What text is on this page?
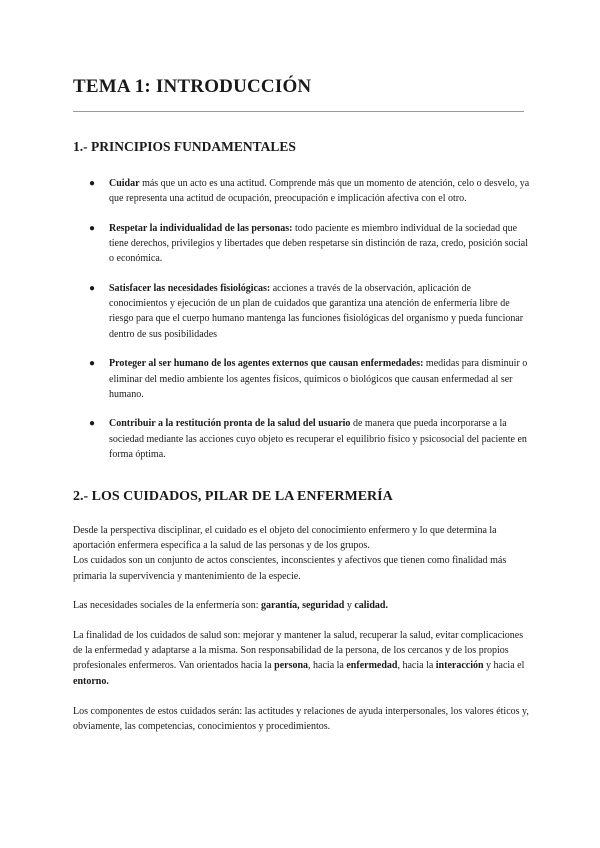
TEMA 1: INTRODUCCIÓN
1.- PRINCIPIOS FUNDAMENTALES
● Cuidar más que un acto es una actitud. Comprende más que un momento de atención, celo o desvelo, ya que representa una actitud de ocupación, preocupación e implicación afectiva con el otro.
● Respetar la individualidad de las personas: todo paciente es miembro individual de la sociedad que tiene derechos, privilegios y libertades que deben respetarse sin distinción de raza, credo, posición social o económica.
● Satisfacer las necesidades fisiológicas: acciones a través de la observación, aplicación de conocimientos y ejecución de un plan de cuidados que garantiza una atención de enfermería libre de riesgo para que el cuerpo humano mantenga las funciones fisiológicas del organismo y pueda funcionar dentro de sus posibilidades
● Proteger al ser humano de los agentes externos que causan enfermedades: medidas para disminuir o eliminar del medio ambiente los agentes físicos, químicos o biológicos que causan enfermedad al ser humano.
● Contribuir a la restitución pronta de la salud del usuario de manera que pueda incorporarse a la sociedad mediante las acciones cuyo objeto es recuperar el equilibrio físico y psicosocial del paciente en forma óptima.
2.- LOS CUIDADOS, PILAR DE LA ENFERMERÍA

Desde la perspectiva disciplinar, el cuidado es el objeto del conocimiento enfermero y lo que determina la aportación enfermera específica a la salud de las personas y de los grupos.
Los cuidados son un conjunto de actos conscientes, inconscientes y afectivos que tienen como finalidad más primaria la supervivencia y mantenimiento de la especie.

Las necesidades sociales de la enfermería son: garantía, seguridad y calidad.

La finalidad de los cuidados de salud son: mejorar y mantener la salud, recuperar la salud, evitar complicaciones de la enfermedad y adaptarse a la misma. Son responsabilidad de la persona, de los cercanos y de los propios profesionales enfermeros. Van orientados hacia la persona, hacia la enfermedad, hacia la interacción y hacia el entorno.

Los componentes de estos cuidados serán: las actitudes y relaciones de ayuda interpersonales, los valores éticos y, obviamente, las competencias, conocimientos y procedimientos.
